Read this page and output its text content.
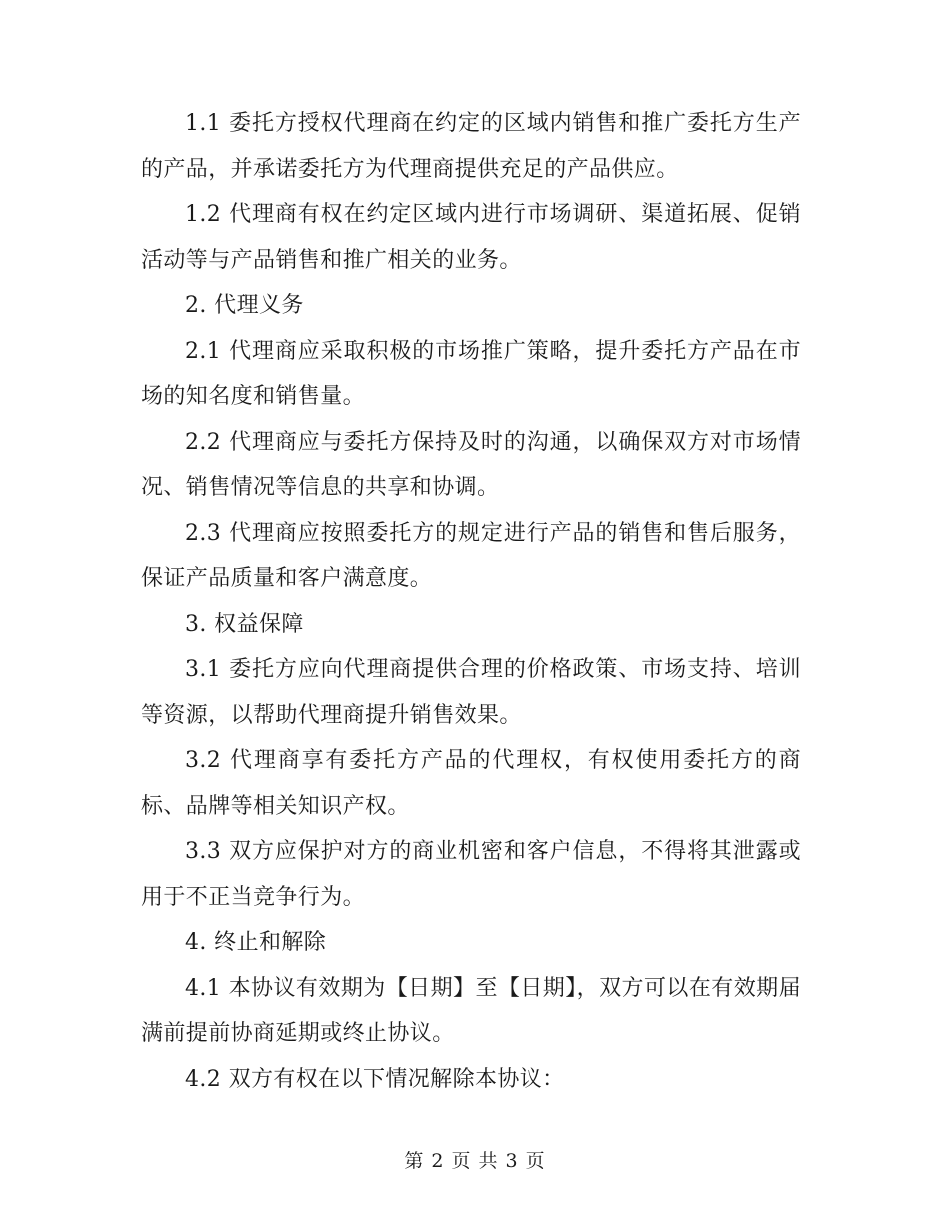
1.1 委托方授权代理商在约定的区域内销售和推广委托方生产的产品，并承诺委托方为代理商提供充足的产品供应。

1.2 代理商有权在约定区域内进行市场调研、渠道拓展、促销活动等与产品销售和推广相关的业务。

2. 代理义务

2.1 代理商应采取积极的市场推广策略，提升委托方产品在市场的知名度和销售量。

2.2 代理商应与委托方保持及时的沟通，以确保双方对市场情况、销售情况等信息的共享和协调。

2.3 代理商应按照委托方的规定进行产品的销售和售后服务，保证产品质量和客户满意度。

3. 权益保障

3.1 委托方应向代理商提供合理的价格政策、市场支持、培训等资源，以帮助代理商提升销售效果。

3.2 代理商享有委托方产品的代理权，有权使用委托方的商标、品牌等相关知识产权。

3.3 双方应保护对方的商业机密和客户信息，不得将其泄露或用于不正当竞争行为。

4. 终止和解除

4.1 本协议有效期为【日期】至【日期】，双方可以在有效期届满前提前协商延期或终止协议。

4.2 双方有权在以下情况解除本协议：

第 2 页 共 3 页
